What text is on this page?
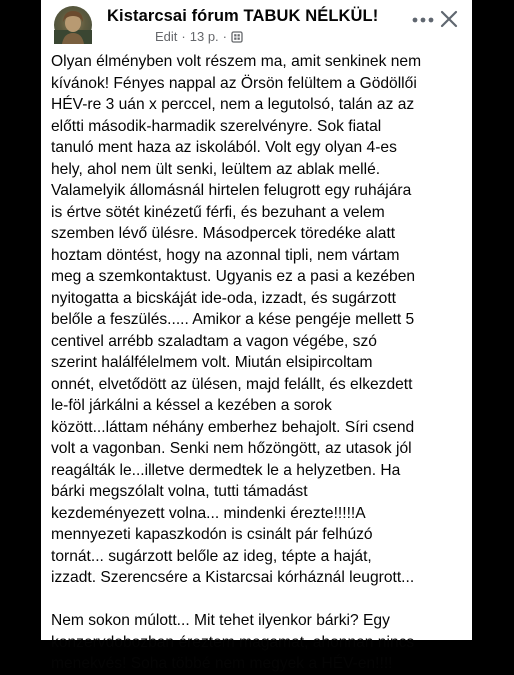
Kistarcsai fórum TABUK NÉLKÜL!
Edit · 13 p. ·

Olyan élményben volt részem ma, amit senkinek nem

kívánok! Fényes nappal az Örsön felültem a Gödöllői

HÉV-re 3 uán x perccel, nem a legutolsó, talán az az

előtti második-harmadik szerelvényre. Sok fiatal

tanuló ment haza az iskolából. Volt egy olyan 4-es

hely, ahol nem ült senki, leültem az ablak mellé.

Valamelyik állomásnál hirtelen felugrott egy ruhájára

is értve sötét kinézetű férfi, és bezuhant a velem

szemben lévő ülésre. Másodpercek töredéke alatt

hoztam döntést, hogy na azonnal tipli, nem vártam

meg a szemkontaktust. Ugyanis ez a pasi a kezében

nyitogatta a bicskáját ide-oda, izzadt, és sugárzott

belőle a feszülés..... Amikor a kése pengéje mellett 5

centivel arrébb szaladtam a vagon végébe, szó

szerint halálfélelmem volt. Miután elsipircoltam

onnét, elvetődött az ülésen, majd felállt, és elkezdett

le-föl járkálni a késsel a kezében a sorok

között...láttam néhány emberhez behajolt. Síri csend

volt a vagonban. Senki nem hőzöngött, az utasok jól

reagálták le...illetve dermedtek le a helyzetben. Ha

bárki megszólalt volna, tutti támadást

kezdeményezett volna... mindenki érezte!!!!!A

mennyezeti kapaszkodón is csinált pár felhúzó

tornát... sugárzott belőle az ideg, tépte a haját,

izzadt. Szerencsére a Kistarcsai kórháznál leugrott...

Nem sokon múlott... Mit tehet ilyenkor bárki? Egy

konzervdobozban éreztem magamat, ahonnan nincs

menekvés! Soha többé nem megyek a HÉV-en!!!!
